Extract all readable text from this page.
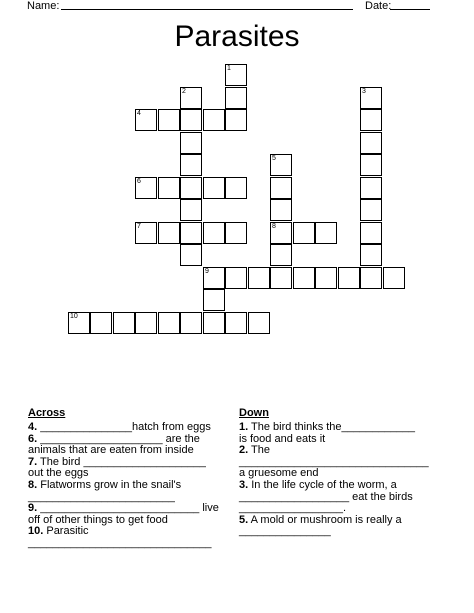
Name:	Date:
Parasites
1
2	3
4
5
6
7	8
9
10
Across
4. _______________hatch from eggs
6. ____________________ are the
animals that are eaten from inside
7. The bird ____________________
out the eggs
8. Flatworms grow in the snail's
________________________
9. __________________________ live
off of other things to get food
10. Parasitic
______________________________
Down
1. The bird thinks the____________
is food and eats it
2. The
_______________________________
a gruesome end
3. In the life cycle of the worm, a
__________________ eat the birds
_________________.
5. A mold or mushroom is really a
_______________
